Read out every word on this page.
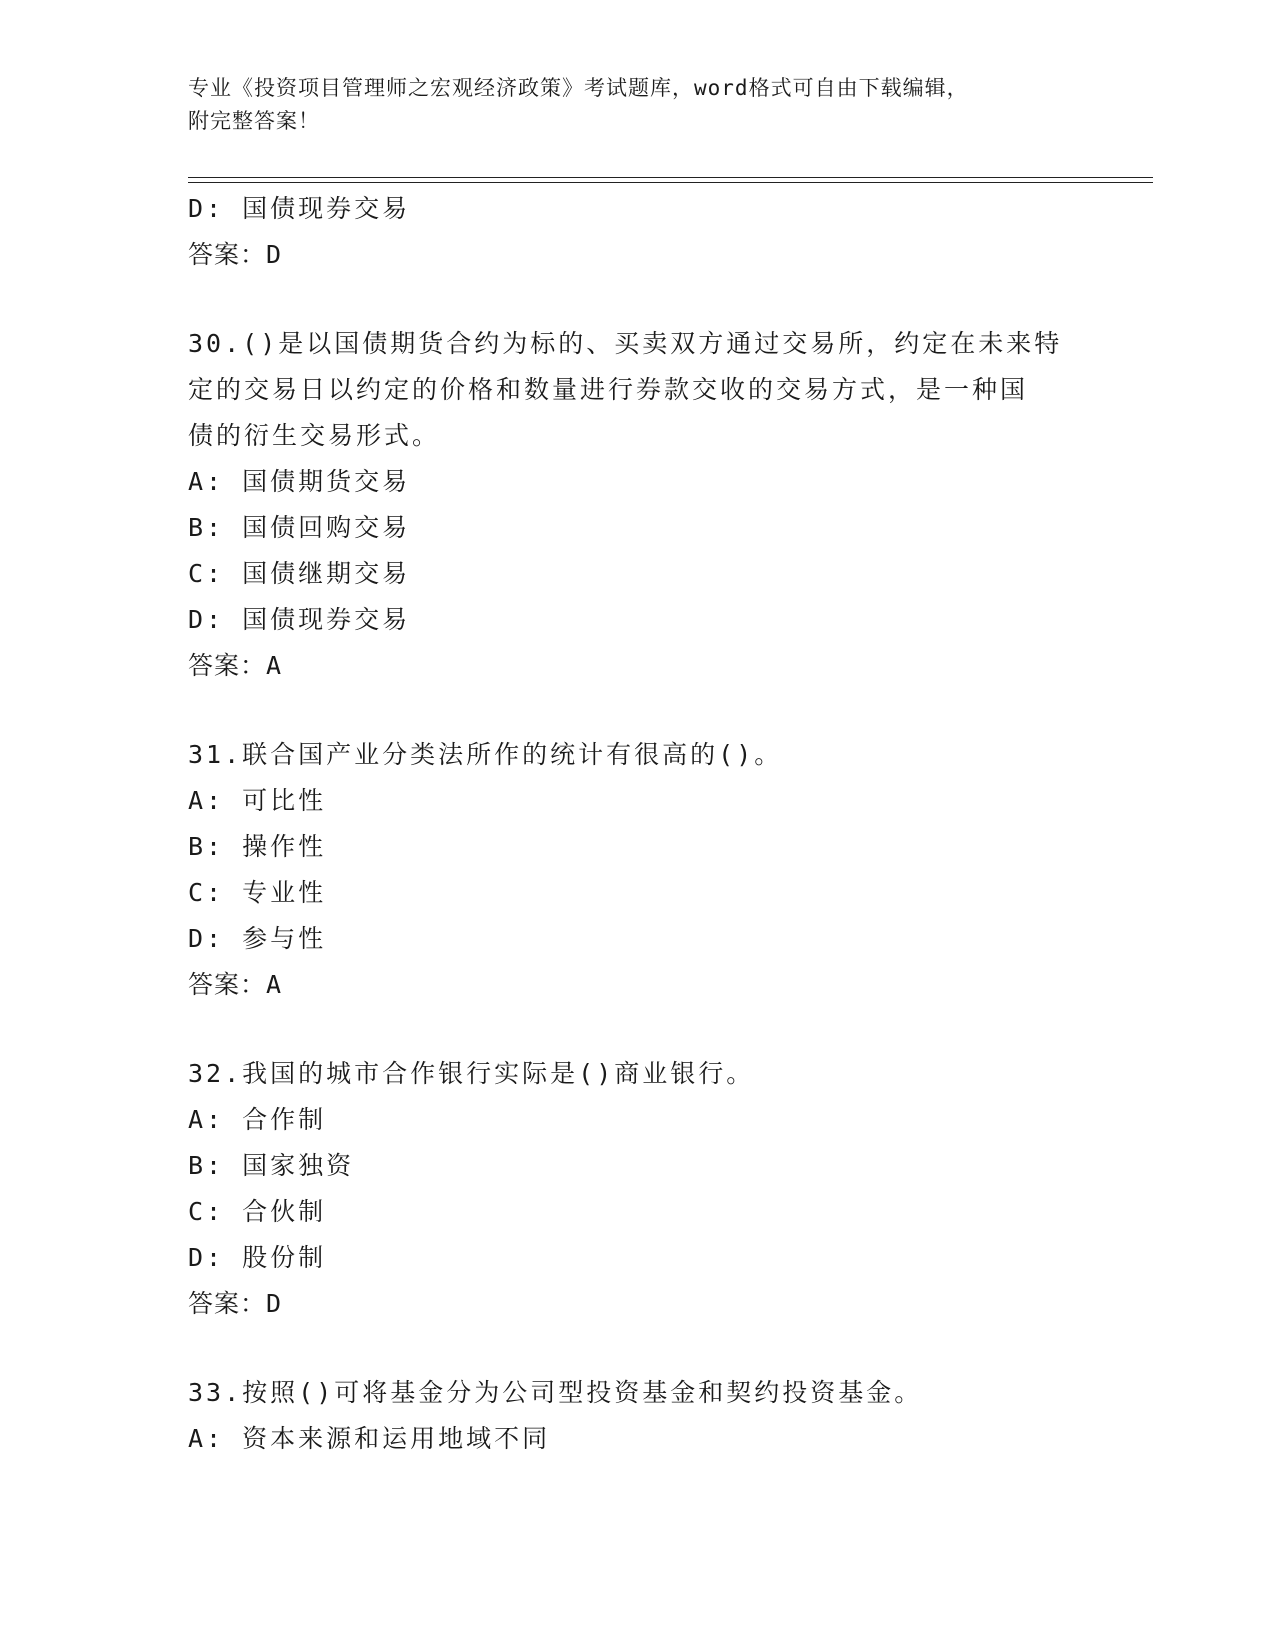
专业《投资项目管理师之宏观经济政策》考试题库，word格式可自由下载编辑，
附完整答案！
D: 国债现券交易
答案：D
30.()是以国债期货合约为标的、买卖双方通过交易所，约定在未来特
定的交易日以约定的价格和数量进行券款交收的交易方式，是一种国
债的衍生交易形式。
A: 国债期货交易
B: 国债回购交易
C: 国债继期交易
D: 国债现券交易
答案：A
31.联合国产业分类法所作的统计有很高的()。
A: 可比性
B: 操作性
C: 专业性
D: 参与性
答案：A
32.我国的城市合作银行实际是()商业银行。
A: 合作制
B: 国家独资
C: 合伙制
D: 股份制
答案：D
33.按照()可将基金分为公司型投资基金和契约投资基金。
A: 资本来源和运用地域不同
